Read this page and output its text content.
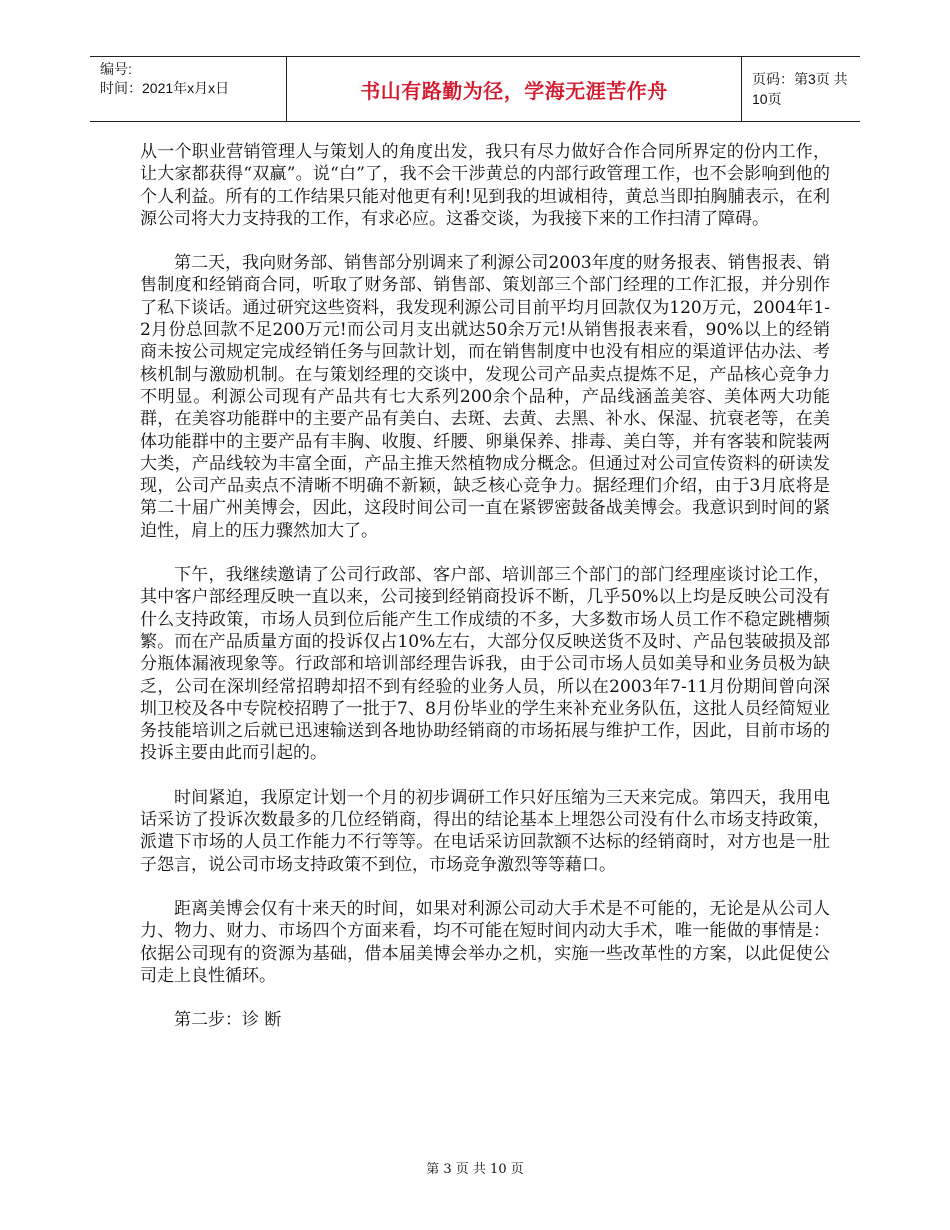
编号:
时间：2021年x月x日	书山有路勤为径，学海无涯苦作舟	页码：第3页 共10页

从一个职业营销管理人与策划人的角度出发，我只有尽力做好合作合同所界定的份内工作，让大家都获得“双赢”。说“白”了，我不会干涉黄总的内部行政管理工作，也不会影响到他的个人利益。所有的工作结果只能对他更有利!见到我的坦诚相待，黄总当即拍胸脯表示，在利源公司将大力支持我的工作，有求必应。这番交谈，为我接下来的工作扫清了障碍。

第二天，我向财务部、销售部分别调来了利源公司2003年度的财务报表、销售报表、销售制度和经销商合同，听取了财务部、销售部、策划部三个部门经理的工作汇报，并分别作了私下谈话。通过研究这些资料，我发现利源公司目前平均月回款仅为120万元，2004年1-2月份总回款不足200万元!而公司月支出就达50余万元!从销售报表来看，90%以上的经销商未按公司规定完成经销任务与回款计划，而在销售制度中也没有相应的渠道评估办法、考核机制与激励机制。在与策划经理的交谈中，发现公司产品卖点提炼不足，产品核心竞争力不明显。利源公司现有产品共有七大系列200余个品种，产品线涵盖美容、美体两大功能群，在美容功能群中的主要产品有美白、去斑、去黄、去黑、补水、保湿、抗衰老等，在美体功能群中的主要产品有丰胸、收腹、纤腰、卵巢保养、排毒、美白等，并有客装和院装两大类，产品线较为丰富全面，产品主推天然植物成分概念。但通过对公司宣传资料的研读发现，公司产品卖点不清晰不明确不新颖，缺乏核心竞争力。据经理们介绍，由于3月底将是第二十届广州美博会，因此，这段时间公司一直在紧锣密鼓备战美博会。我意识到时间的紧迫性，肩上的压力骤然加大了。

下午，我继续邀请了公司行政部、客户部、培训部三个部门的部门经理座谈讨论工作，其中客户部经理反映一直以来，公司接到经销商投诉不断，几乎50%以上均是反映公司没有什么支持政策，市场人员到位后能产生工作成绩的不多，大多数市场人员工作不稳定跳槽频繁。而在产品质量方面的投诉仅占10%左右，大部分仅反映送货不及时、产品包装破损及部分瓶体漏液现象等。行政部和培训部经理告诉我，由于公司市场人员如美导和业务员极为缺乏，公司在深圳经常招聘却招不到有经验的业务人员，所以在2003年7-11月份期间曾向深圳卫校及各中专院校招聘了一批于7、8月份毕业的学生来补充业务队伍，这批人员经简短业务技能培训之后就已迅速输送到各地协助经销商的市场拓展与维护工作，因此，目前市场的投诉主要由此而引起的。

时间紧迫，我原定计划一个月的初步调研工作只好压缩为三天来完成。第四天，我用电话采访了投诉次数最多的几位经销商，得出的结论基本上埋怨公司没有什么市场支持政策，派遣下市场的人员工作能力不行等等。在电话采访回款额不达标的经销商时，对方也是一肚子怨言，说公司市场支持政策不到位，市场竞争激烈等等藉口。

距离美博会仅有十来天的时间，如果对利源公司动大手术是不可能的，无论是从公司人力、物力、财力、市场四个方面来看，均不可能在短时间内动大手术，唯一能做的事情是：依据公司现有的资源为基础，借本届美博会举办之机，实施一些改革性的方案，以此促使公司走上良性循环。

第二步：诊 断

第 3 页 共 10 页
